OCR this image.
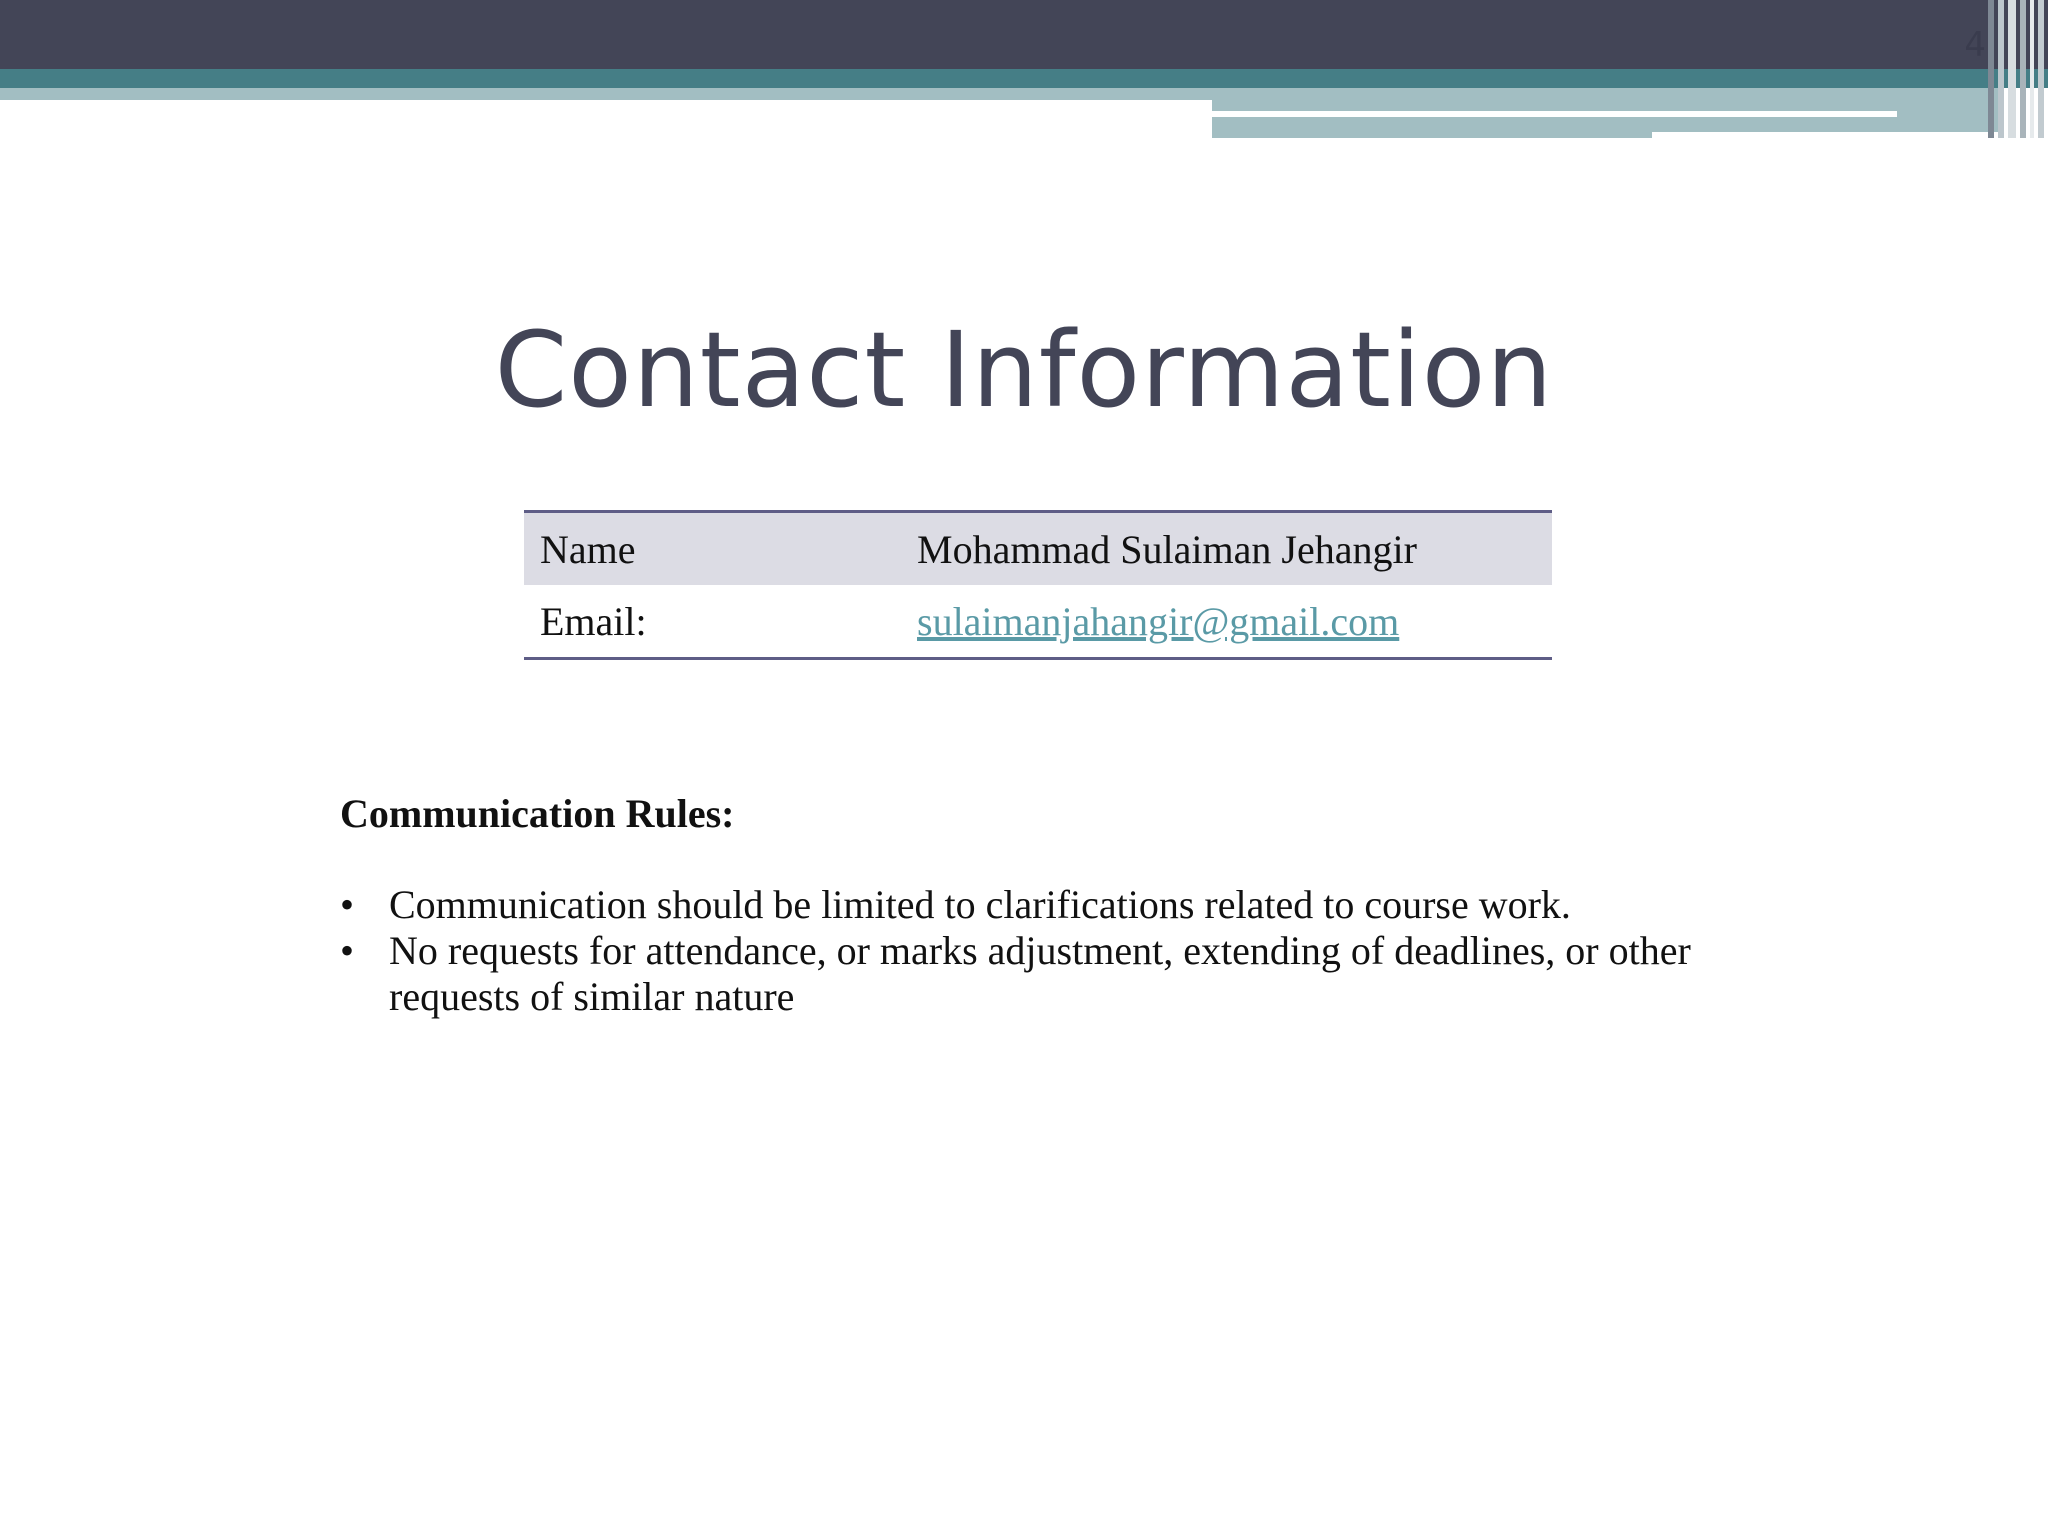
4
Contact Information
Name	Mohammad Sulaiman Jehangir
Email:	sulaimanjahangir@gmail.com
Communication Rules:
• Communication should be limited to clarifications related to course work.
• No requests for attendance, or marks adjustment, extending of deadlines, or other requests of similar nature
